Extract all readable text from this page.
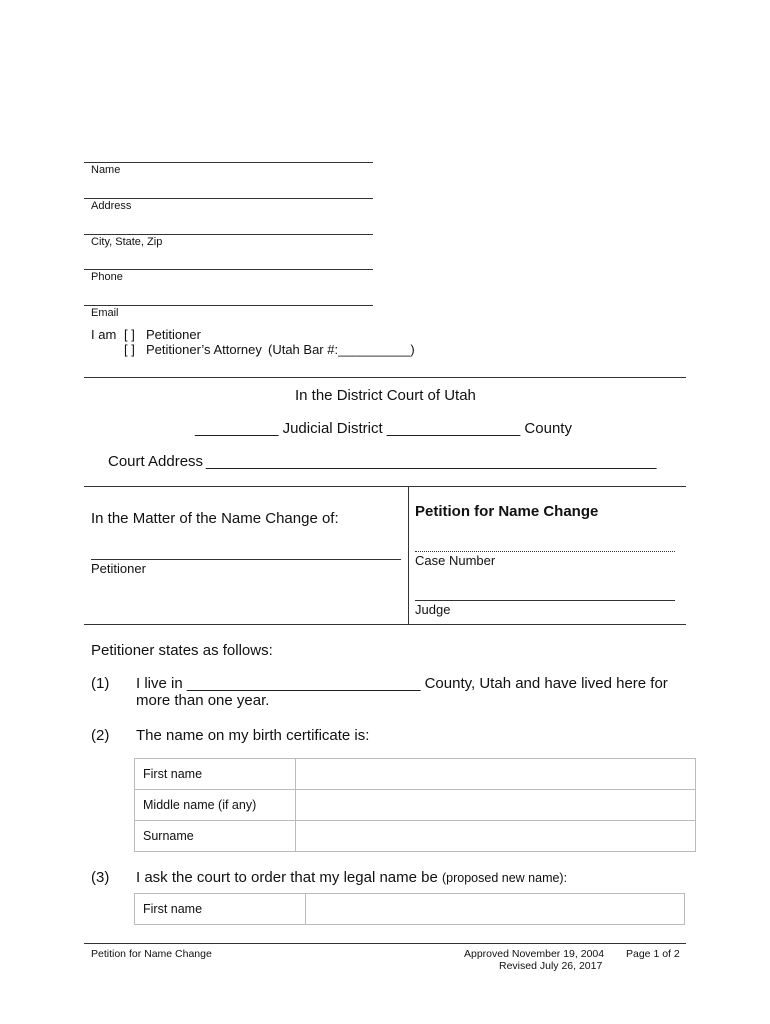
Name
Address
City, State, Zip
Phone
Email
I am [ ] Petitioner
[ ] Petitioner’s Attorney (Utah Bar #:__________)
In the District Court of Utah
__________ Judicial District ________________ County
Court Address ______________________________________________________
In the Matter of the Name Change of:
Petitioner
Petition for Name Change
Case Number
Judge
Petitioner states as follows:
(1) I live in ____________________________ County, Utah and have lived here for more than one year.
(2) The name on my birth certificate is:
First name	
Middle name (if any)	
Surname	
(3) I ask the court to order that my legal name be (proposed new name):
First name	
Petition for Name Change	Approved November 19, 2004
Revised July 26, 2017
Page 1 of 2
